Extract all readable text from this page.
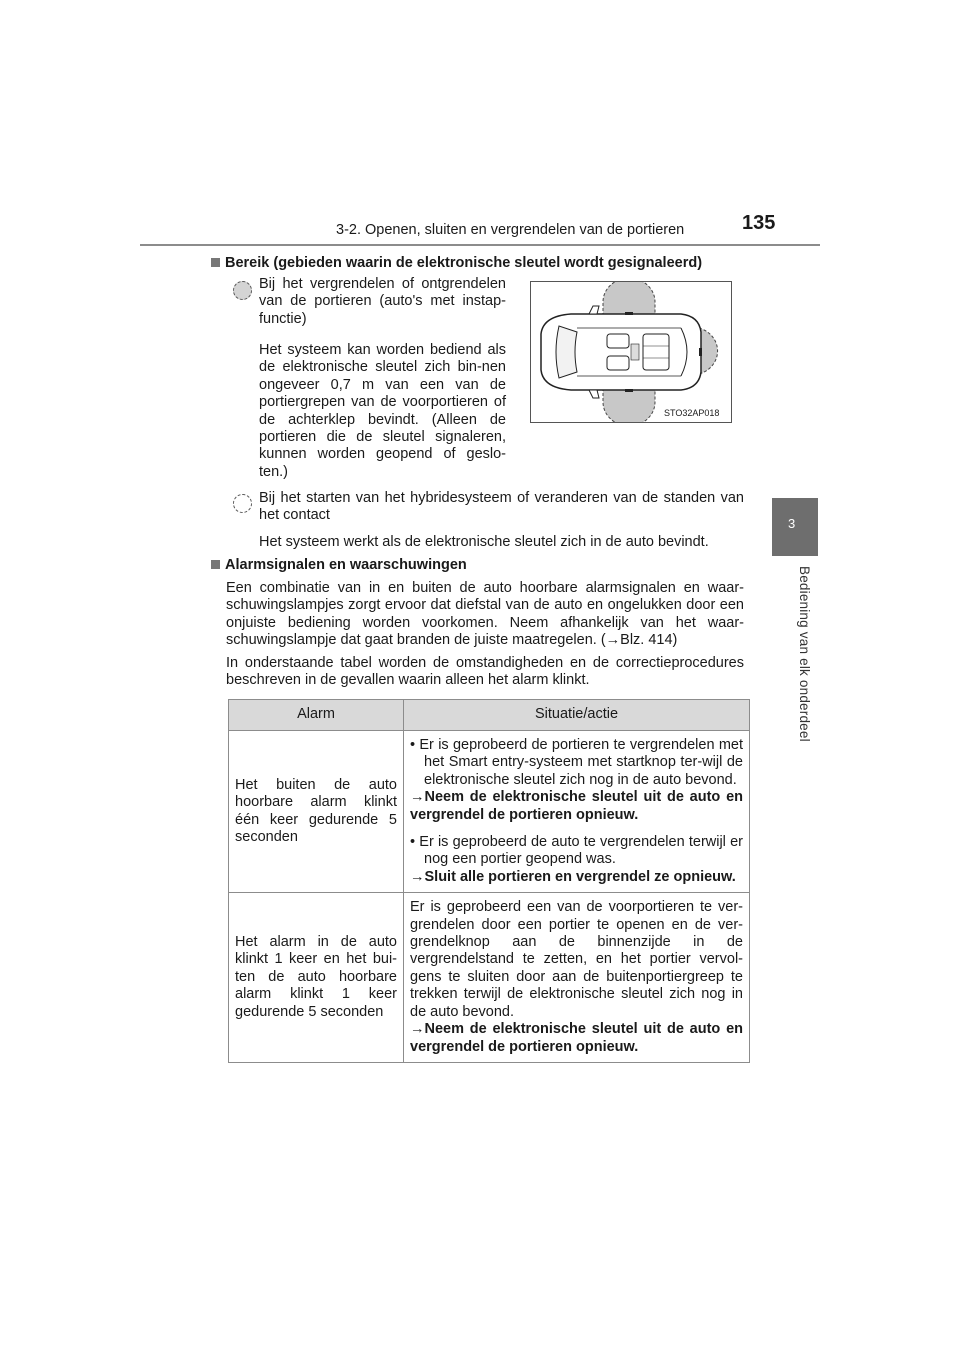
3-2. Openen, sluiten en vergrendelen van de portieren	135
3
Bediening van elk onderdeel
Bereik (gebieden waarin de elektronische sleutel wordt gesignaleerd)
Bij het vergrendelen of ontgrendelen van de portieren (auto's met instap-functie)
Het systeem kan worden bediend als de elektronische sleutel zich bin-nen ongeveer 0,7 m van een van de portiergrepen van de voorportieren of de achterklep bevindt. (Alleen de portieren die de sleutel signaleren, kunnen worden geopend of geslo-ten.)
STO32AP018
Bij het starten van het hybridesysteem of veranderen van de standen van het contact
Het systeem werkt als de elektronische sleutel zich in de auto bevindt.
Alarmsignalen en waarschuwingen
Een combinatie van in en buiten de auto hoorbare alarmsignalen en waar-schuwingslampjes zorgt ervoor dat diefstal van de auto en ongelukken door een onjuiste bediening worden voorkomen. Neem afhankelijk van het waar-schuwingslampje dat gaat branden de juiste maatregelen. (→Blz. 414)
In onderstaande tabel worden de omstandigheden en de correctieprocedures beschreven in de gevallen waarin alleen het alarm klinkt.
Alarm	Situatie/actie
Het buiten de auto hoorbare alarm klinkt één keer gedurende 5 seconden	• Er is geprobeerd de portieren te vergrendelen met het Smart entry-systeem met startknop ter-wijl de elektronische sleutel zich nog in de auto bevond.
→Neem de elektronische sleutel uit de auto en vergrendel de portieren opnieuw.
• Er is geprobeerd de auto te vergrendelen terwijl er nog een portier geopend was.
→Sluit alle portieren en vergrendel ze opnieuw.

Het alarm in de auto klinkt 1 keer en het bui-ten de auto hoorbare alarm klinkt 1 keer gedurende 5 seconden	Er is geprobeerd een van de voorportieren te ver-grendelen door een portier te openen en de ver-grendelknop aan de binnenzijde in de vergrendelstand te zetten, en het portier vervol-gens te sluiten door aan de buitenportiergreep te trekken terwijl de elektronische sleutel zich nog in de auto bevond.
→Neem de elektronische sleutel uit de auto en vergrendel de portieren opnieuw.
